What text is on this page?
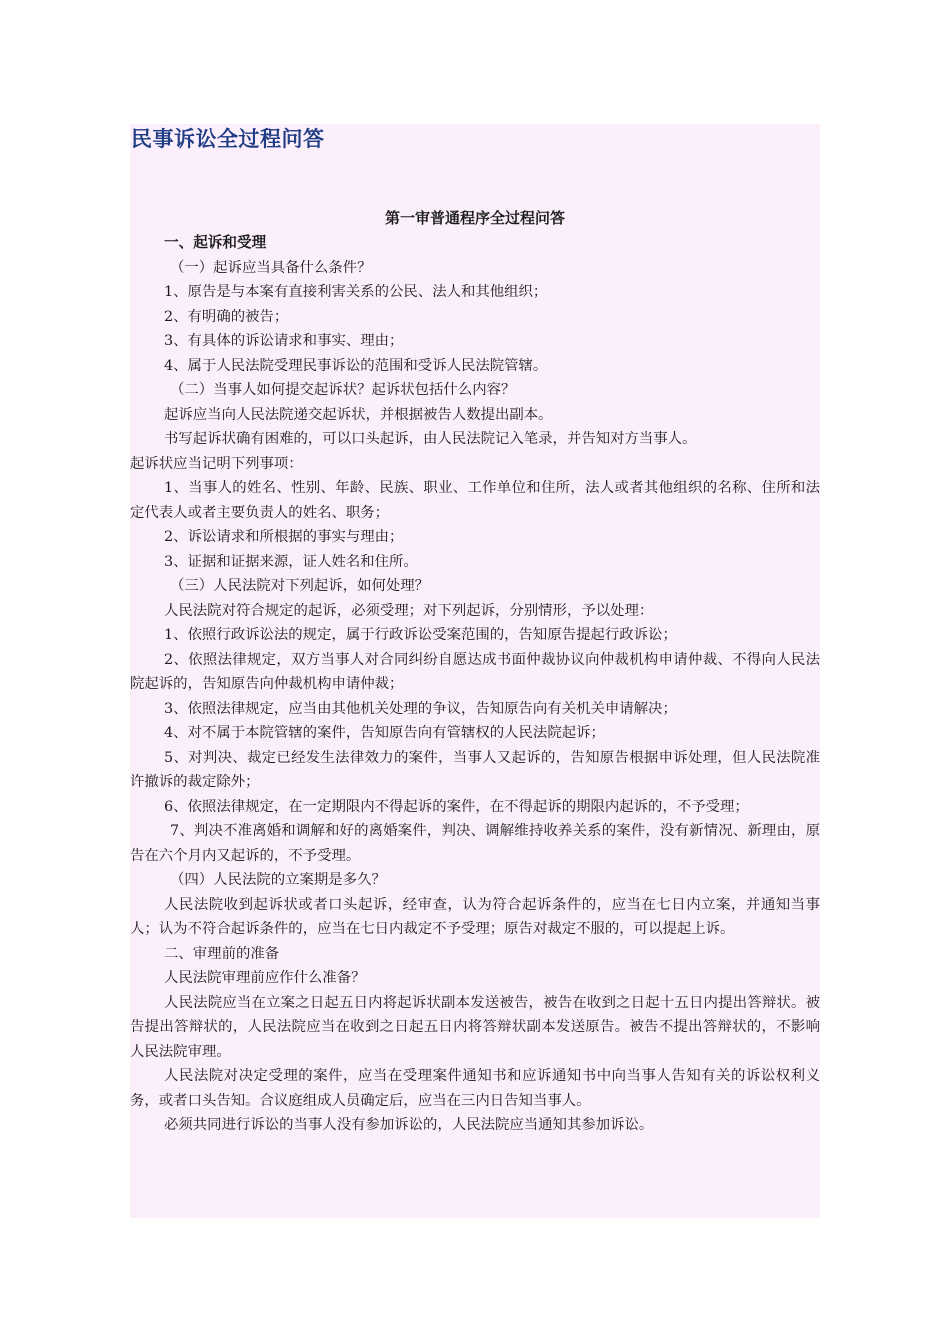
民事诉讼全过程问答
第一审普通程序全过程问答

一、起诉和受理

（一）起诉应当具备什么条件？

1、原告是与本案有直接利害关系的公民、法人和其他组织；

2、有明确的被告；

3、有具体的诉讼请求和事实、理由；

4、属于人民法院受理民事诉讼的范围和受诉人民法院管辖。

（二）当事人如何提交起诉状？起诉状包括什么内容？

起诉应当向人民法院递交起诉状，并根据被告人数提出副本。

书写起诉状确有困难的，可以口头起诉，由人民法院记入笔录，并告知对方当事人。

起诉状应当记明下列事项：

1、当事人的姓名、性别、年龄、民族、职业、工作单位和住所，法人或者其他组织的名称、住所和法定代表人或者主要负责人的姓名、职务；

2、诉讼请求和所根据的事实与理由；

3、证据和证据来源，证人姓名和住所。

（三）人民法院对下列起诉，如何处理？

人民法院对符合规定的起诉，必须受理；对下列起诉，分别情形，予以处理：

1、依照行政诉讼法的规定，属于行政诉讼受案范围的，告知原告提起行政诉讼；

2、依照法律规定，双方当事人对合同纠纷自愿达成书面仲裁协议向仲裁机构申请仲裁、不得向人民法院起诉的，告知原告向仲裁机构申请仲裁；

3、依照法律规定，应当由其他机关处理的争议，告知原告向有关机关申请解决；

4、对不属于本院管辖的案件，告知原告向有管辖权的人民法院起诉；

5、对判决、裁定已经发生法律效力的案件，当事人又起诉的，告知原告根据申诉处理，但人民法院准许撤诉的裁定除外；

6、依照法律规定，在一定期限内不得起诉的案件，在不得起诉的期限内起诉的，不予受理；

7、判决不准离婚和调解和好的离婚案件，判决、调解维持收养关系的案件，没有新情况、新理由，原告在六个月内又起诉的，不予受理。

（四）人民法院的立案期是多久？

人民法院收到起诉状或者口头起诉，经审查，认为符合起诉条件的，应当在七日内立案，并通知当事人；认为不符合起诉条件的，应当在七日内裁定不予受理；原告对裁定不服的，可以提起上诉。

二、审理前的准备

人民法院审理前应作什么准备？

人民法院应当在立案之日起五日内将起诉状副本发送被告，被告在收到之日起十五日内提出答辩状。被告提出答辩状的，人民法院应当在收到之日起五日内将答辩状副本发送原告。被告不提出答辩状的，不影响人民法院审理。

人民法院对决定受理的案件，应当在受理案件通知书和应诉通知书中向当事人告知有关的诉讼权利义务，或者口头告知。合议庭组成人员确定后，应当在三内日告知当事人。

必须共同进行诉讼的当事人没有参加诉讼的，人民法院应当通知其参加诉讼。
